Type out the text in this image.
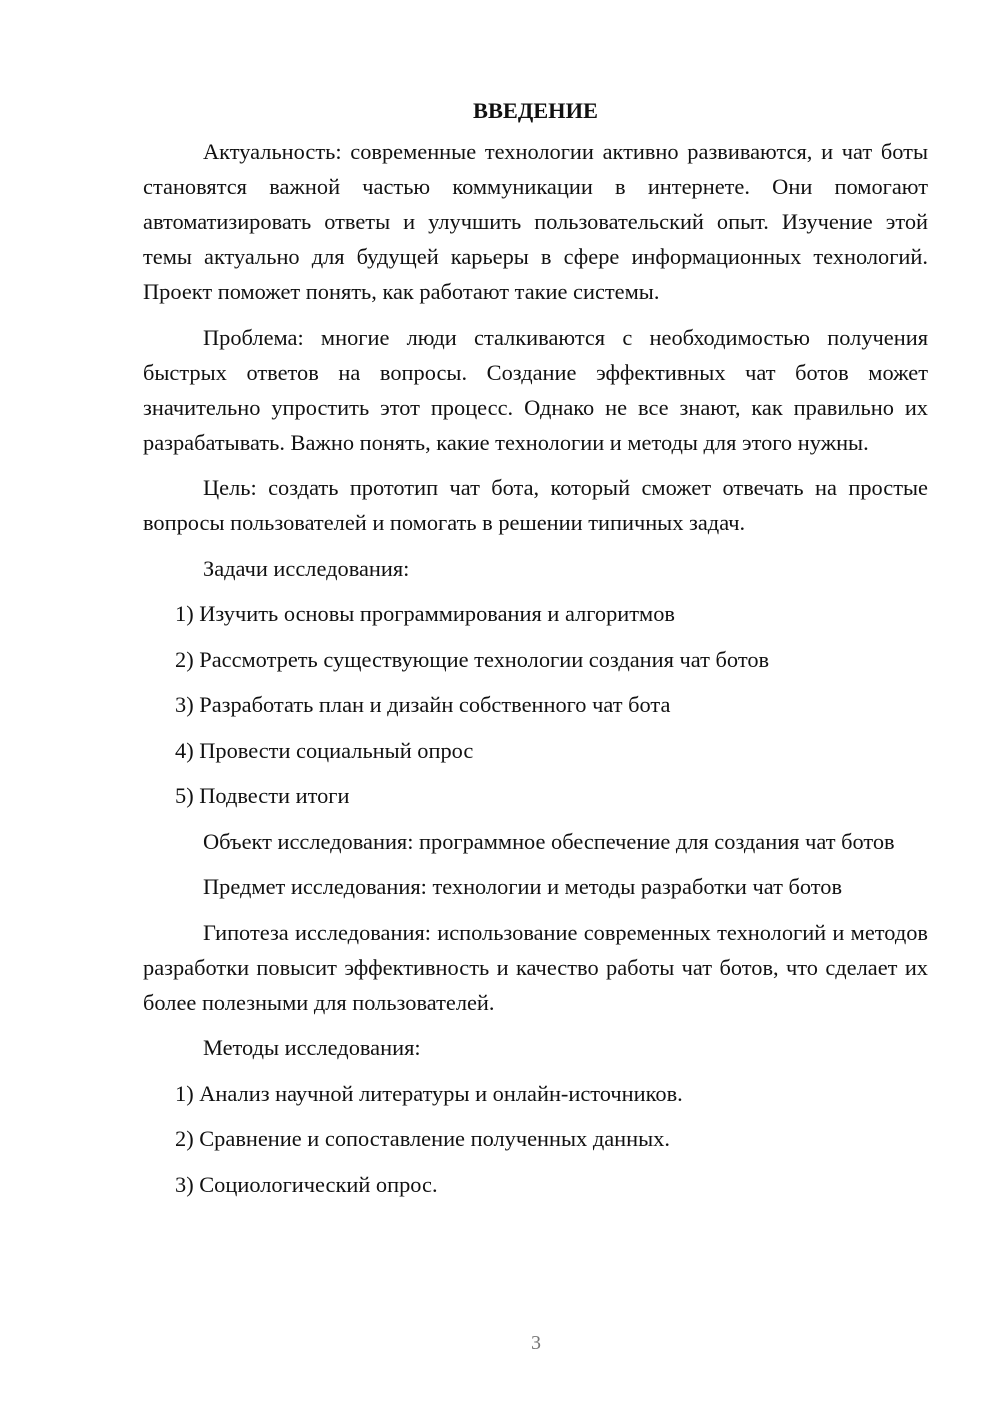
ВВЕДЕНИЕ

Актуальность: современные технологии активно развиваются, и чат боты становятся важной частью коммуникации в интернете. Они помогают автоматизировать ответы и улучшить пользовательский опыт. Изучение этой темы актуально для будущей карьеры в сфере информационных технологий. Проект поможет понять, как работают такие системы.

Проблема: многие люди сталкиваются с необходимостью получения быстрых ответов на вопросы. Создание эффективных чат ботов может значительно упростить этот процесс. Однако не все знают, как правильно их разрабатывать. Важно понять, какие технологии и методы для этого нужны.

Цель: создать прототип чат бота, который сможет отвечать на простые вопросы пользователей и помогать в решении типичных задач.

Задачи исследования:
1) Изучить основы программирования и алгоритмов
2) Рассмотреть существующие технологии создания чат ботов
3) Разработать план и дизайн собственного чат бота
4) Провести социальный опрос
5) Подвести итоги

Объект исследования: программное обеспечение для создания чат ботов

Предмет исследования: технологии и методы разработки чат ботов

Гипотеза исследования: использование современных технологий и методов разработки повысит эффективность и качество работы чат ботов, что сделает их более полезными для пользователей.

Методы исследования:
1) Анализ научной литературы и онлайн-источников.
2) Сравнение и сопоставление полученных данных.
3) Социологический опрос.
3
